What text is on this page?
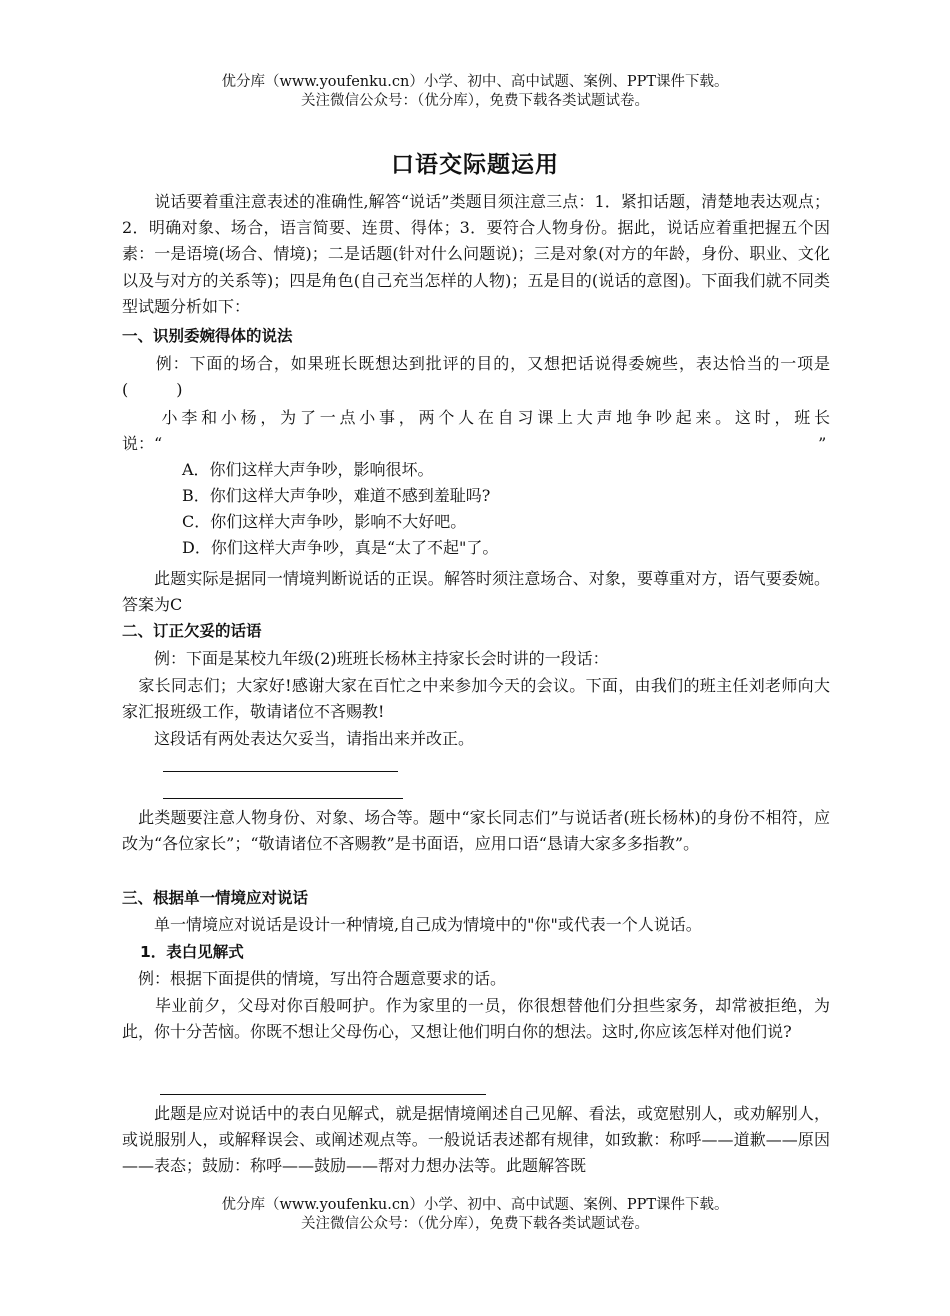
优分库（www.youfenku.cn）小学、初中、高中试题、案例、PPT课件下载。
关注微信公众号：（优分库），免费下载各类试题试卷。
口语交际题运用

　　说话要着重注意表述的准确性,解答“说话”类题目须注意三点：1．紧扣话题，清楚地表达观点；2．明确对象、场合，语言简要、连贯、得体；3．要符合人物身份。据此，说话应着重把握五个因素：一是语境(场合、情境)；二是话题(针对什么问题说)；三是对象(对方的年龄，身份、职业、文化以及与对方的关系等)；四是角色(自己充当怎样的人物)；五是目的(说话的意图)。下面我们就不同类型试题分析如下：

一、识别委婉得体的说法

　　例：下面的场合，如果班长既想达到批评的目的，又想把话说得委婉些，表达恰当的一项是　(　　　)

　　小李和小杨，为了一点小事，两个人在自习课上大声地争吵起来。这时，班长说：“　　　　　　　　　　　　　　　　　　　　　　　　　　　　　　　　　　　　　　　　　”

A．你们这样大声争吵，影响很坏。
B．你们这样大声争吵，难道不感到羞耻吗?
C．你们这样大声争吵，影响不大好吧。
D．你们这样大声争吵，真是“太了不起"了。

　　此题实际是据同一情境判断说话的正误。解答时须注意场合、对象，要尊重对方，语气要委婉。答案为C

二、订正欠妥的话语

　　例：下面是某校九年级(2)班班长杨林主持家长会时讲的一段话：

　家长同志们；大家好!感谢大家在百忙之中来参加今天的会议。下面，由我们的班主任刘老师向大家汇报班级工作，敬请诸位不吝赐教!

　　这段话有两处表达欠妥当，请指出来并改正。

　此类题要注意人物身份、对象、场合等。题中“家长同志们”与说话者(班长杨林)的身份不相符，应改为“各位家长”；“敬请诸位不吝赐教”是书面语，应用口语“恳请大家多多指教”。

三、根据单一情境应对说话

　　单一情境应对说话是设计一种情境,自己成为情境中的"你"或代表一个人说话。

1．表白见解式

　例：根据下面提供的情境，写出符合题意要求的话。

　　毕业前夕，父母对你百般呵护。作为家里的一员，你很想替他们分担些家务，却常被拒绝，为此，你十分苦恼。你既不想让父母伤心，又想让他们明白你的想法。这时,你应该怎样对他们说?

　　此题是应对说话中的表白见解式，就是据情境阐述自己见解、看法，或宽慰别人，或劝解别人，或说服别人，或解释误会、或阐述观点等。一般说话表述都有规律，如致歉：称呼——道歉——原因——表态；鼓励：称呼——鼓励——帮对力想办法等。此题解答既

优分库（www.youfenku.cn）小学、初中、高中试题、案例、PPT课件下载。
关注微信公众号：（优分库），免费下载各类试题试卷。
